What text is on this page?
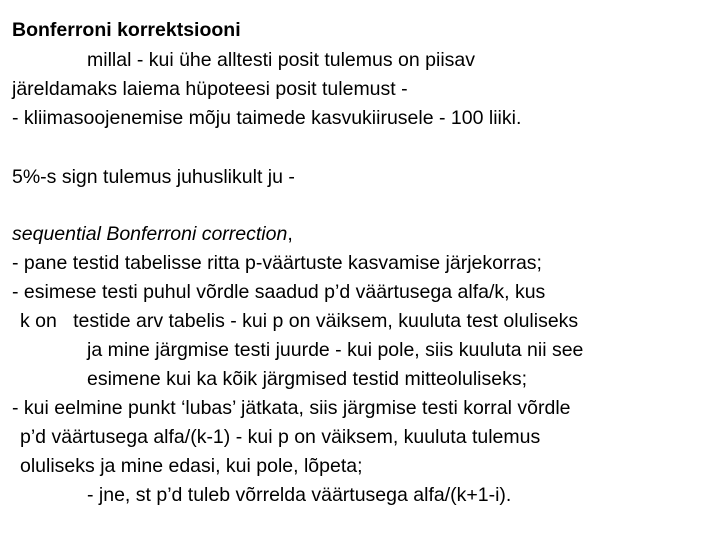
Bonferroni korrektsiooni

millal - kui ühe alltesti posit tulemus on piisav

järeldamaks laiema hüpoteesi posit tulemust -

- kliimasoojenemise mõju taimede kasvukiirusele - 100 liiki.

5%-s sign tulemus juhuslikult ju -

sequential Bonferroni correction,

- pane testid tabelisse ritta p-väärtuste kasvamise järjekorras;

- esimese testi puhul võrdle saadud p’d väärtusega alfa/k, kus

k on   testide arv tabelis - kui p on väiksem, kuuluta test oluliseks

ja mine järgmise testi juurde - kui pole, siis kuuluta nii see

esimene kui ka kõik järgmised testid mitteoluliseks;

- kui eelmine punkt ‘lubas’ jätkata, siis järgmise testi korral võrdle

p’d väärtusega alfa/(k-1) - kui p on väiksem, kuuluta tulemus

oluliseks ja mine edasi, kui pole, lõpeta;

- jne, st p’d tuleb võrrelda väärtusega alfa/(k+1-i).
